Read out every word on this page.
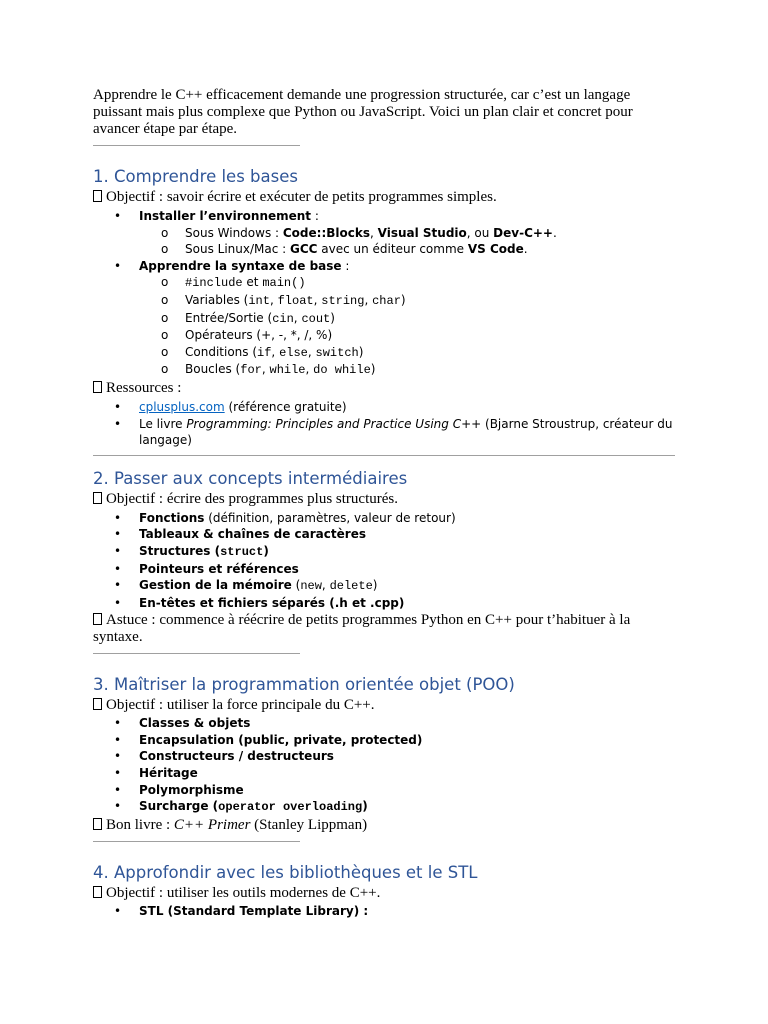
Apprendre le C++ efficacement demande une progression structurée, car c’est un langage puissant mais plus complexe que Python ou JavaScript. Voici un plan clair et concret pour avancer étape par étape.

1. Comprendre les bases

Objectif : savoir écrire et exécuter de petits programmes simples.

• Installer l’environnement :
o Sous Windows : Code::Blocks, Visual Studio, ou Dev-C++.
o Sous Linux/Mac : GCC avec un éditeur comme VS Code.
• Apprendre la syntaxe de base :
o #include et main()
o Variables (int, float, string, char)
o Entrée/Sortie (cin, cout)
o Opérateurs (+, -, *, /, %)
o Conditions (if, else, switch)
o Boucles (for, while, do while)

Ressources :

• cplusplus.com (référence gratuite)
• Le livre Programming: Principles and Practice Using C++ (Bjarne Stroustrup, créateur du langage)
2. Passer aux concepts intermédiaires

Objectif : écrire des programmes plus structurés.

• Fonctions (définition, paramètres, valeur de retour)
• Tableaux & chaînes de caractères
• Structures (struct)
• Pointeurs et références
• Gestion de la mémoire (new, delete)
• En-têtes et fichiers séparés (.h et .cpp)

Astuce : commence à réécrire de petits programmes Python en C++ pour t’habituer à la syntaxe.

3. Maîtriser la programmation orientée objet (POO)

Objectif : utiliser la force principale du C++.

• Classes & objets
• Encapsulation (public, private, protected)
• Constructeurs / destructeurs
• Héritage
• Polymorphisme
• Surcharge (operator overloading)

Bon livre : C++ Primer (Stanley Lippman)

4. Approfondir avec les bibliothèques et le STL

Objectif : utiliser les outils modernes de C++.

• STL (Standard Template Library) :
